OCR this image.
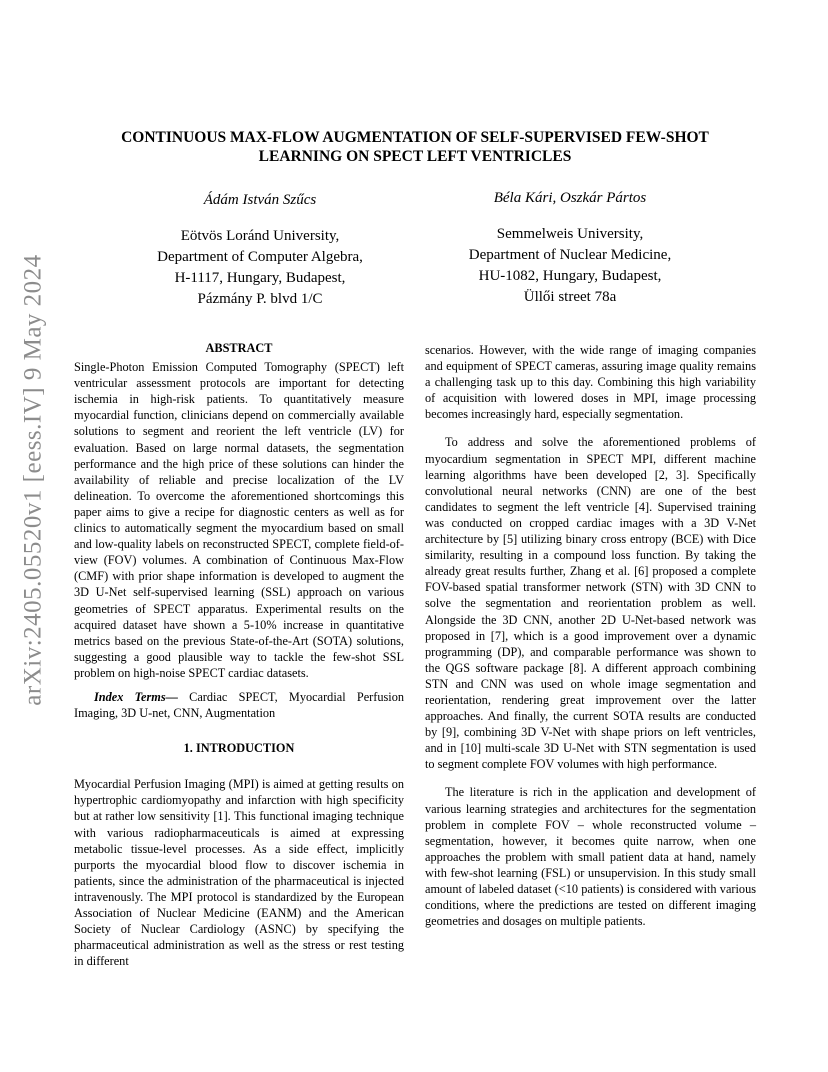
arXiv:2405.05520v1 [eess.IV] 9 May 2024
CONTINUOUS MAX-FLOW AUGMENTATION OF SELF-SUPERVISED FEW-SHOT
LEARNING ON SPECT LEFT VENTRICLES
Ádám István Szűcs
Eötvös Loránd University,
Department of Computer Algebra,
H-1117, Hungary, Budapest,
Pázmány P. blvd 1/C
Béla Kári, Oszkár Pártos
Semmelweis University,
Department of Nuclear Medicine,
HU-1082, Hungary, Budapest,
Üllői street 78a
ABSTRACT

Single-Photon Emission Computed Tomography (SPECT) left ventricular assessment protocols are important for detecting ischemia in high-risk patients. To quantitatively measure myocardial function, clinicians depend on commercially available solutions to segment and reorient the left ventricle (LV) for evaluation. Based on large normal datasets, the segmentation performance and the high price of these solutions can hinder the availability of reliable and precise localization of the LV delineation. To overcome the aforementioned shortcomings this paper aims to give a recipe for diagnostic centers as well as for clinics to automatically segment the myocardium based on small and low-quality labels on reconstructed SPECT, complete field-of-view (FOV) volumes. A combination of Continuous Max-Flow (CMF) with prior shape information is developed to augment the 3D U-Net self-supervised learning (SSL) approach on various geometries of SPECT apparatus. Experimental results on the acquired dataset have shown a 5-10% increase in quantitative metrics based on the previous State-of-the-Art (SOTA) solutions, suggesting a good plausible way to tackle the few-shot SSL problem on high-noise SPECT cardiac datasets.

Index Terms— Cardiac SPECT, Myocardial Perfusion Imaging, 3D U-net, CNN, Augmentation

1. INTRODUCTION

Myocardial Perfusion Imaging (MPI) is aimed at getting results on hypertrophic cardiomyopathy and infarction with high specificity but at rather low sensitivity [1]. This functional imaging technique with various radiopharmaceuticals is aimed at expressing metabolic tissue-level processes. As a side effect, implicitly purports the myocardial blood flow to discover ischemia in patients, since the administration of the pharmaceutical is injected intravenously. The MPI protocol is standardized by the European Association of Nuclear Medicine (EANM) and the American Society of Nuclear Cardiology (ASNC) by specifying the pharmaceutical administration as well as the stress or rest testing in different

scenarios. However, with the wide range of imaging companies and equipment of SPECT cameras, assuring image quality remains a challenging task up to this day. Combining this high variability of acquisition with lowered doses in MPI, image processing becomes increasingly hard, especially segmentation.

To address and solve the aforementioned problems of myocardium segmentation in SPECT MPI, different machine learning algorithms have been developed [2, 3]. Specifically convolutional neural networks (CNN) are one of the best candidates to segment the left ventricle [4]. Supervised training was conducted on cropped cardiac images with a 3D V-Net architecture by [5] utilizing binary cross entropy (BCE) with Dice similarity, resulting in a compound loss function. By taking the already great results further, Zhang et al. [6] proposed a complete FOV-based spatial transformer network (STN) with 3D CNN to solve the segmentation and reorientation problem as well. Alongside the 3D CNN, another 2D U-Net-based network was proposed in [7], which is a good improvement over a dynamic programming (DP), and comparable performance was shown to the QGS software package [8]. A different approach combining STN and CNN was used on whole image segmentation and reorientation, rendering great improvement over the latter approaches. And finally, the current SOTA results are conducted by [9], combining 3D V-Net with shape priors on left ventricles, and in [10] multi-scale 3D U-Net with STN segmentation is used to segment complete FOV volumes with high performance.

The literature is rich in the application and development of various learning strategies and architectures for the segmentation problem in complete FOV – whole reconstructed volume – segmentation, however, it becomes quite narrow, when one approaches the problem with small patient data at hand, namely with few-shot learning (FSL) or unsupervision. In this study small amount of labeled dataset (<10 patients) is considered with various conditions, where the predictions are tested on different imaging geometries and dosages on multiple patients.
